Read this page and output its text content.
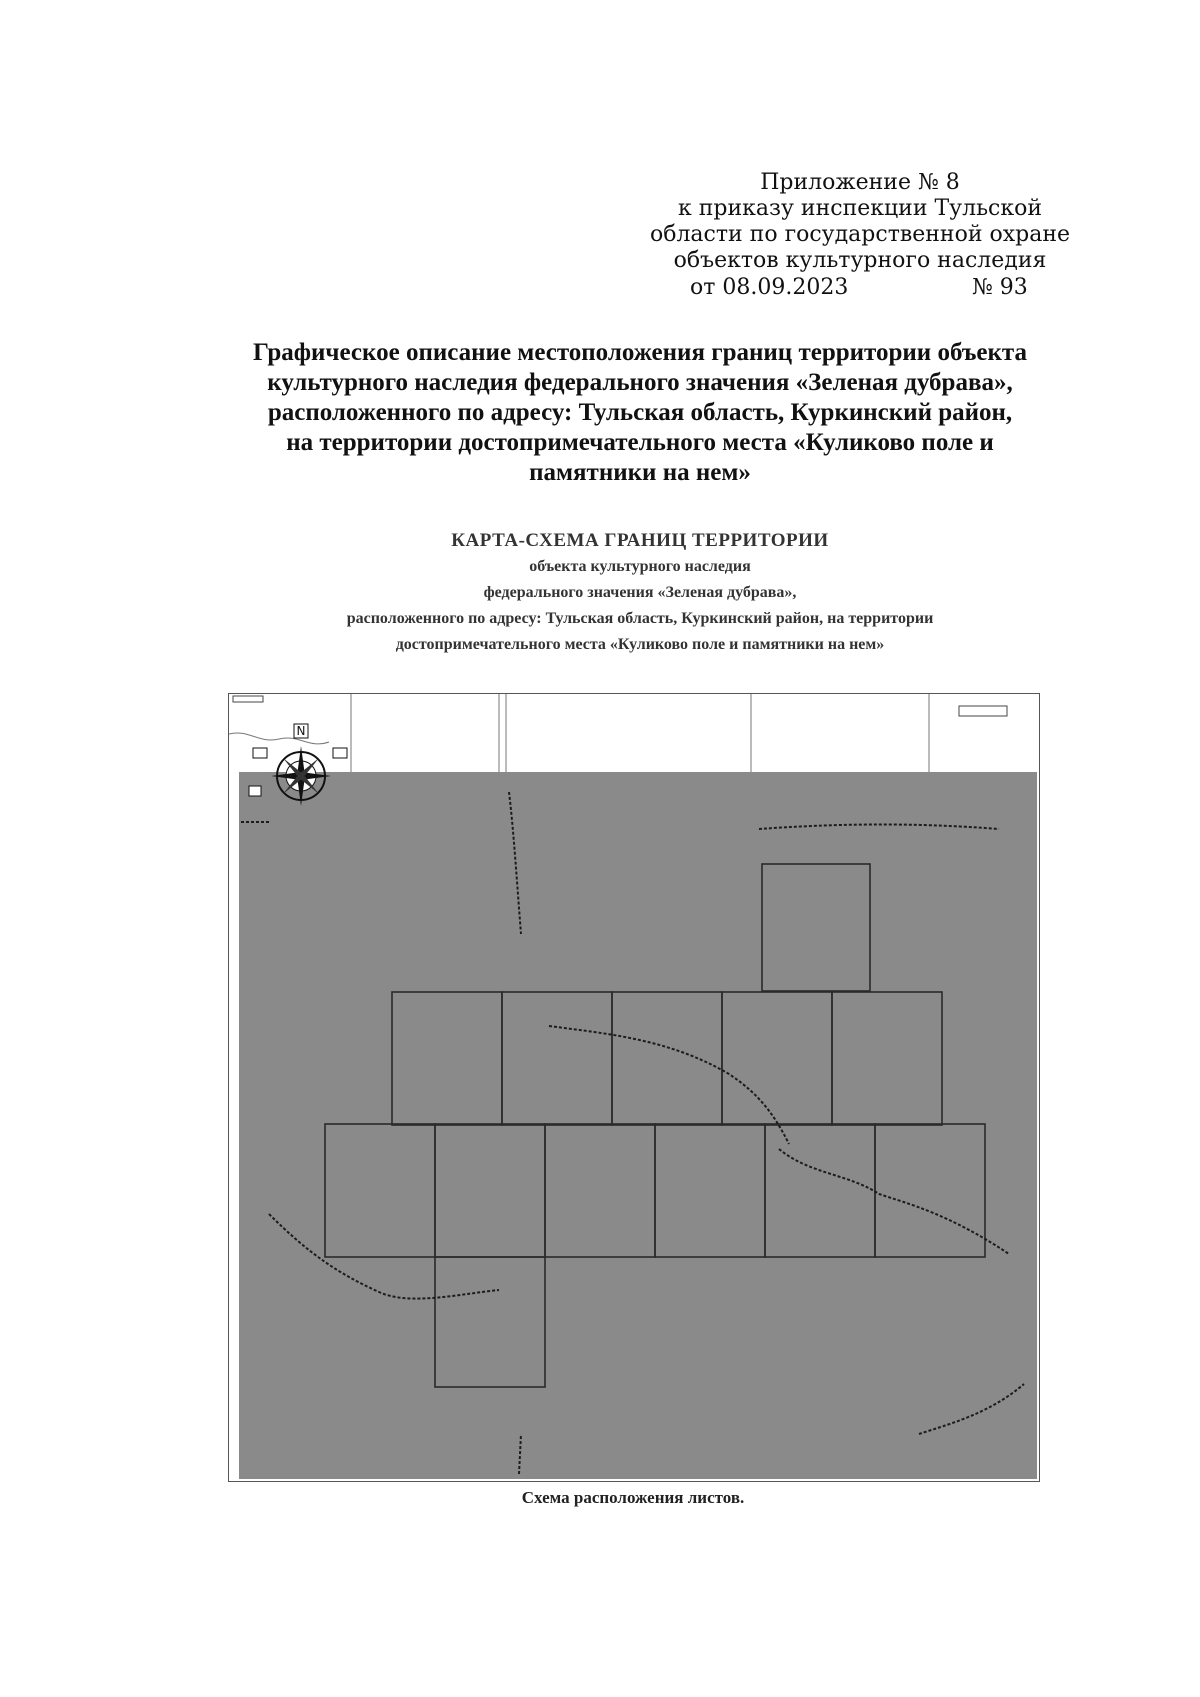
Приложение № 8
к приказу инспекции Тульской
области по государственной охране
объектов культурного наследия
от 08.09.2023	№ 93
Графическое описание местоположения границ территории объекта
культурного наследия федерального значения «Зеленая дубрава»,
расположенного по адресу: Тульская область, Куркинский район,
на территории достопримечательного места «Куликово поле и
памятники на нем»
КАРТА-СХЕМА ГРАНИЦ ТЕРРИТОРИИ
объекта культурного наследия
федерального значения «Зеленая дубрава»,
расположенного по адресу: Тульская область, Куркинский район, на территории
достопримечательного места «Куликово поле и памятники на нем»
N
Схема расположения листов.
